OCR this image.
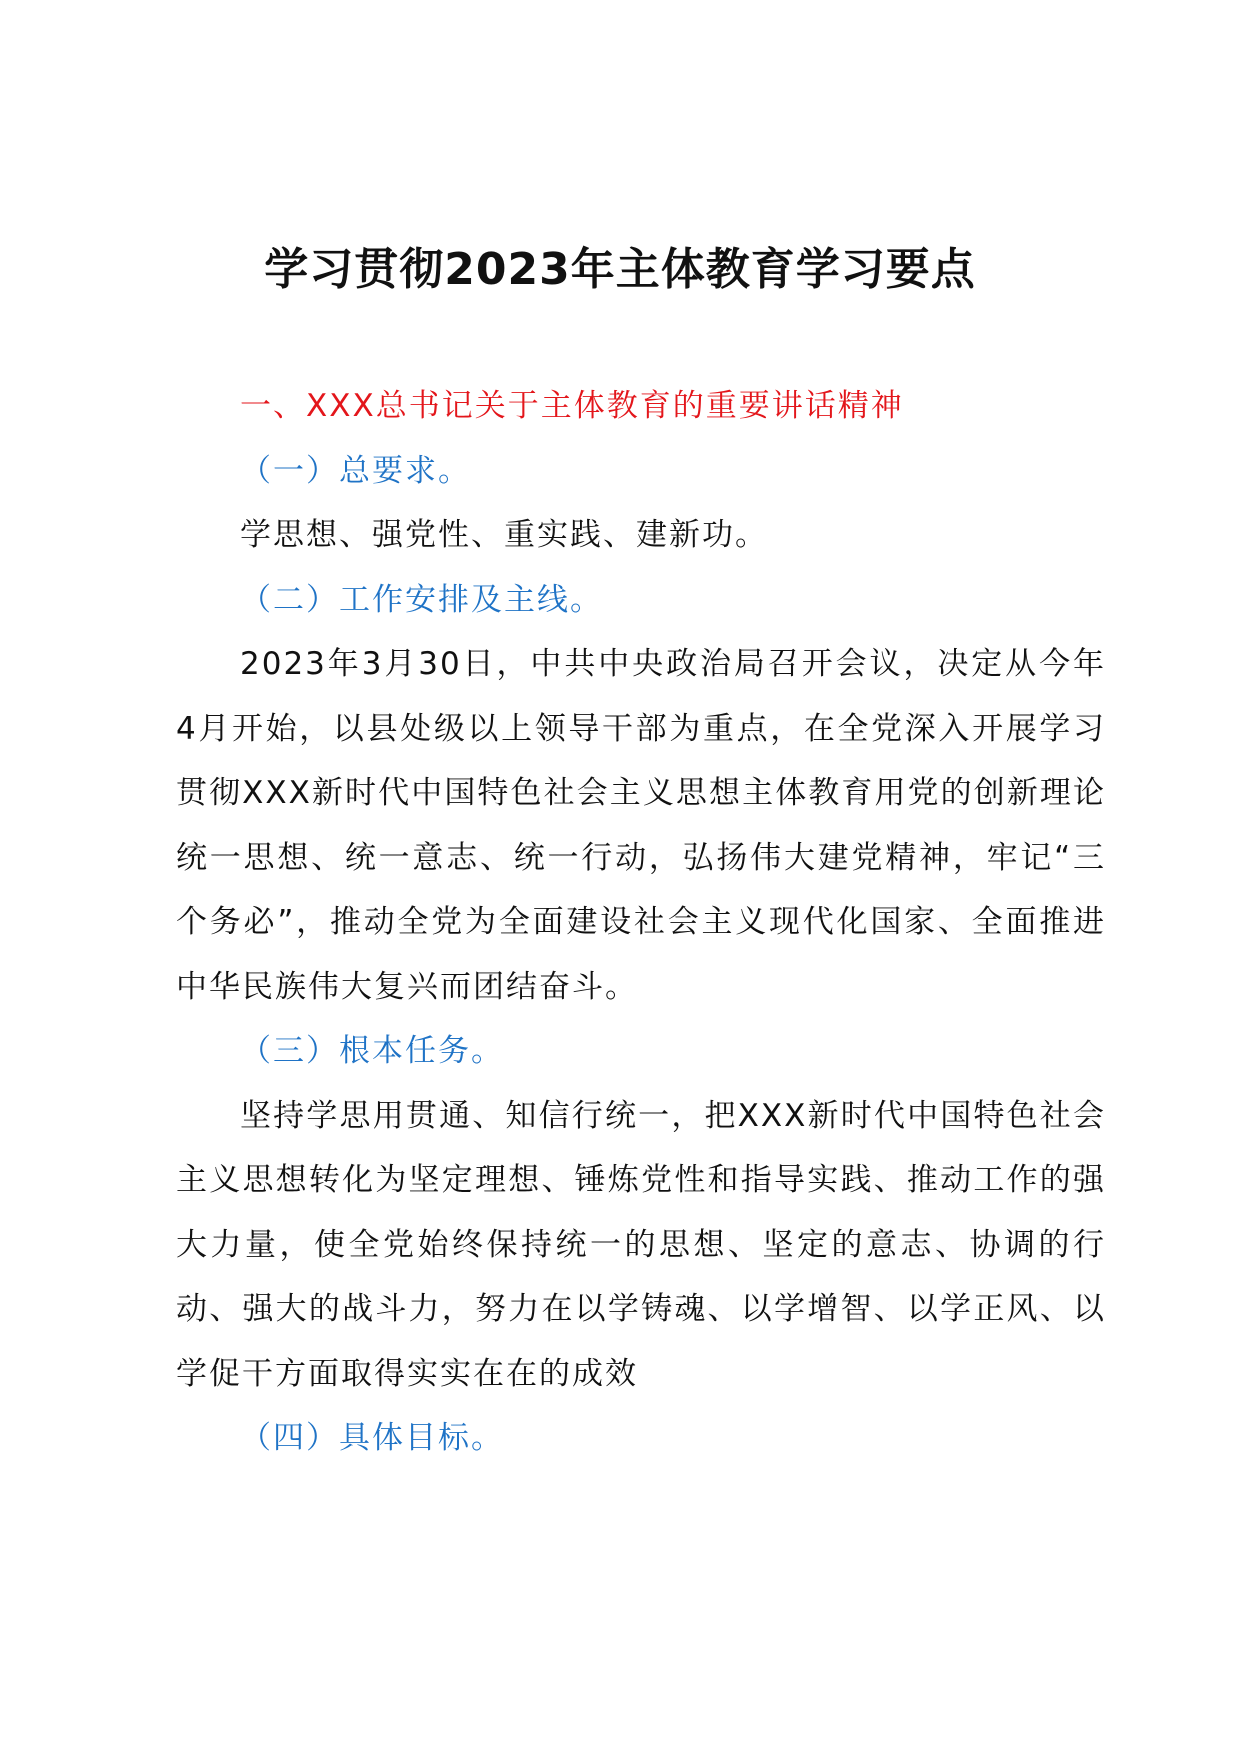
学习贯彻2023年主体教育学习要点

一、XXX总书记关于主体教育的重要讲话精神

（一）总要求。

学思想、强党性、重实践、建新功。

（二）工作安排及主线。

2023年3月30日，中共中央政治局召开会议，决定从今年4月开始，以县处级以上领导干部为重点，在全党深入开展学习贯彻XXX新时代中国特色社会主义思想主体教育用党的创新理论统一思想、统一意志、统一行动，弘扬伟大建党精神，牢记“三个务必”，推动全党为全面建设社会主义现代化国家、全面推进中华民族伟大复兴而团结奋斗。

（三）根本任务。

坚持学思用贯通、知信行统一，把XXX新时代中国特色社会主义思想转化为坚定理想、锤炼党性和指导实践、推动工作的强大力量，使全党始终保持统一的思想、坚定的意志、协调的行动、强大的战斗力，努力在以学铸魂、以学增智、以学正风、以学促干方面取得实实在在的成效

（四）具体目标。
